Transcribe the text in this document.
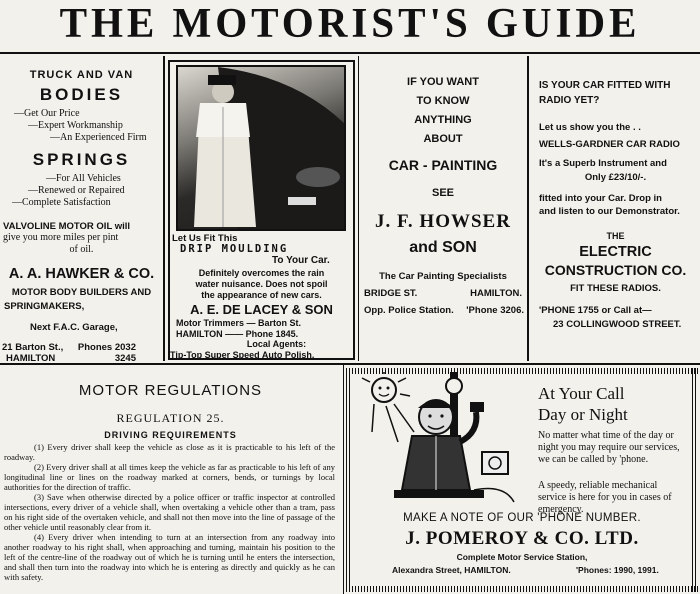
THE MOTORIST'S GUIDE
TRUCK AND VAN
BODIES
—Get Our Price
—Expert Workmanship
—An Experienced Firm
SPRINGS
—For All Vehicles
—Renewed or Repaired
—Complete Satisfaction
VALVOLINE MOTOR OIL will
give you more miles per pint
of oil.
A. A. HAWKER & CO.
MOTOR BODY BUILDERS AND
SPRINGMAKERS,
Next F.A.C. Garage,
21 Barton St., Phones 2032
HAMILTON	3245
Let Us Fit This
DRIP MOULDING
To Your Car.
Definitely overcomes the rain
water nuisance. Does not spoil
the appearance of new cars.
A. E. DE LACEY & SON
Motor Trimmers — Barton St.
HAMILTON —— Phone 1845.
Local Agents:
Tip-Top Super Speed Auto Polish.
IF YOU WANT
TO KNOW
ANYTHING
ABOUT
CAR - PAINTING
SEE
J. F. HOWSER
and SON
The Car Painting Specialists
BRIDGE ST.	HAMILTON.
Opp. Police Station. 'Phone 3206.
IS YOUR CAR FITTED WITH
RADIO YET?
Let us show you the . .
WELLS-GARDNER CAR RADIO
It's a Superb Instrument and
Only £23/10/-.
fitted into your Car. Drop in
and listen to our Demonstrator.
THE
ELECTRIC
CONSTRUCTION CO.
FIT THESE RADIOS.
'PHONE 1755 or Call at—
23 COLLINGWOOD STREET.
MOTOR REGULATIONS
REGULATION 25.
DRIVING REQUIREMENTS
(1) Every driver shall keep the vehicle as close as it is practicable to his left of the roadway.
(2) Every driver shall at all times keep the vehicle as far as practicable to his left of any longitudinal line or lines on the roadway marked at corners, bends, or turnings by local authorities for the direction of traffic.
(3) Save when otherwise directed by a police officer or traffic inspector at controlled intersections, every driver of a vehicle shall, when overtaking a vehicle other than a tram, pass on his right side of the overtaken vehicle, and shall not then move into the line of passage of the other vehicle until reasonably clear from it.
(4) Every driver when intending to turn at an intersection from any roadway into another roadway to his right shall, when approaching and turning, maintain his position to the left of the centre-line of the roadway out of which he is turning until he enters the intersection, and shall then turn into the roadway into which he is entering as directly and quickly as he can with safety.
At Your Call
Day or Night
No matter what time of the day or night you may require our services, we can be called by 'phone.
A speedy, reliable mechanical service is here for you in cases of emergency.
MAKE A NOTE OF OUR 'PHONE NUMBER.
J. POMEROY & CO. LTD.
Complete Motor Service Station,
Alexandra Street, HAMILTON.	'Phones: 1990, 1991.
